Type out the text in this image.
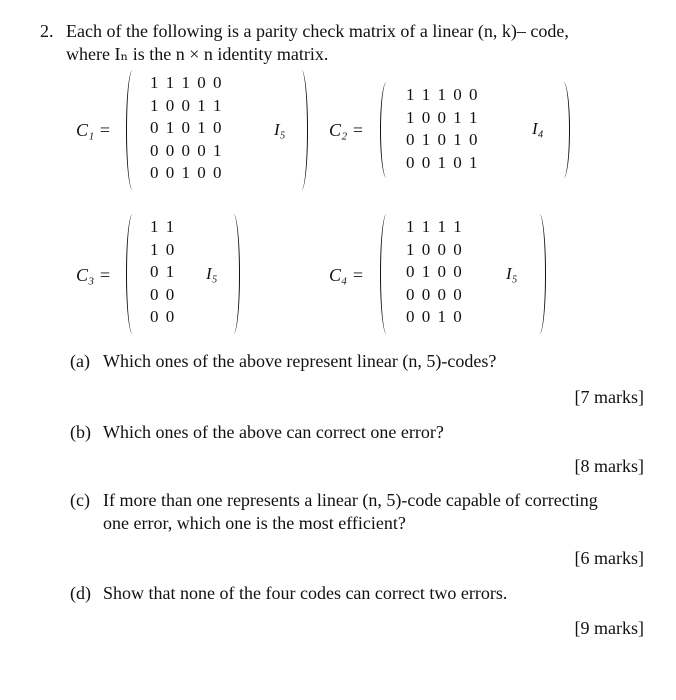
2. Each of the following is a parity check matrix of a linear (n, k)– code,
where Iₙ is the n × n identity matrix.
C₁ =
1 1 1 0 0
1 0 0 1 1
0 1 0 1 0
0 0 0 0 1
0 0 1 0 0
I₅ C₂ =
1 1 1 0 0
1 0 0 1 1
0 1 0 1 0
0 0 1 0 1
I₄
C₃ =
1 1
1 0
0 1
0 0
0 0
I₅	C₄ =
1 1 1 1
1 0 0 0
0 1 0 0
0 0 0 0
0 0 1 0
I₅
(a) Which ones of the above represent linear (n, 5)-codes?
[7 marks]
(b) Which ones of the above can correct one error?
[8 marks]
(c) If more than one represents a linear (n, 5)-code capable of correcting
one error, which one is the most efficient?
[6 marks]
(d) Show that none of the four codes can correct two errors.
[9 marks]
